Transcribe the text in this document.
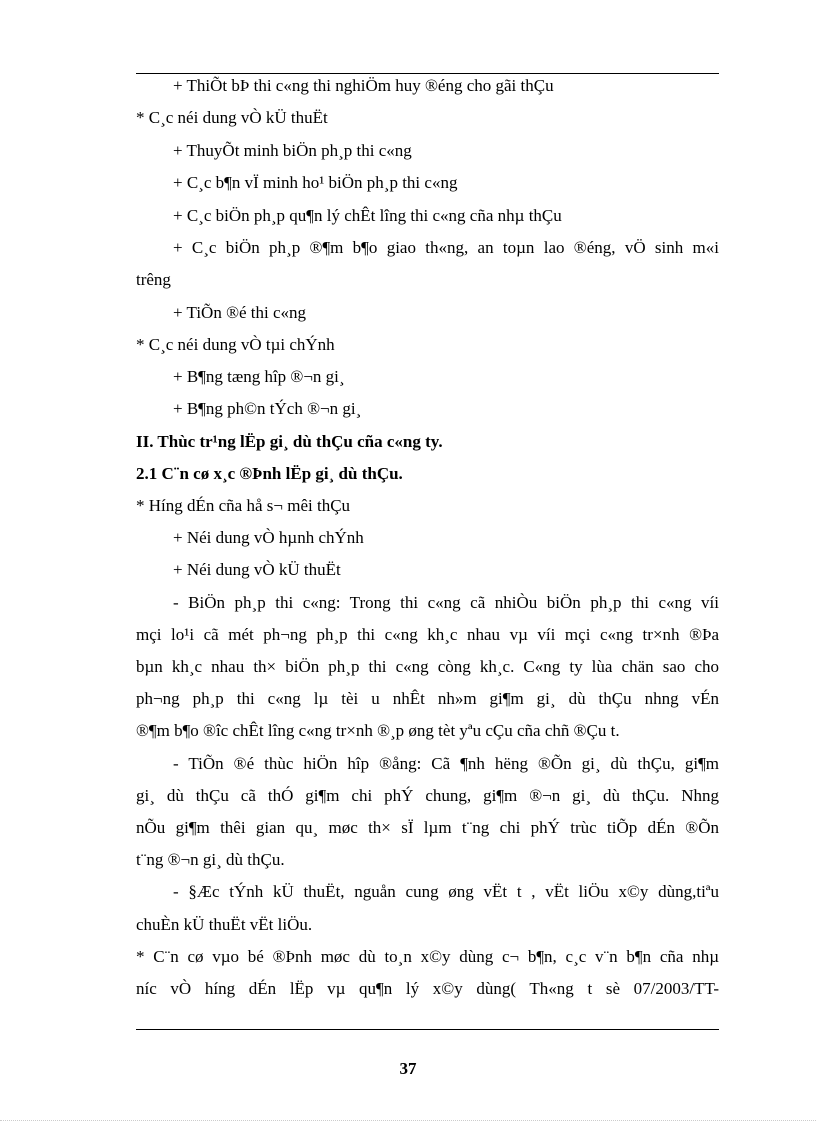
+ ThiÕt bÞ thi c«ng thi nghiÖm huy ®éng cho gãi thÇu
* C¸c néi dung vÒ kÜ thuËt
+ ThuyÕt minh biÖn ph¸p thi c«ng
+ C¸c b¶n vÏ minh ho¹ biÖn ph¸p thi c«ng
+ C¸c biÖn ph¸p qu¶n lý chÊt lîng thi c«ng cña nhµ thÇu
+ C¸c biÖn ph¸p ®¶m b¶o giao th«ng, an toµn lao ®éng, vÖ sinh m«i
trêng
+ TiÕn ®é thi c«ng
* C¸c néi dung vÒ tµi chÝnh
+ B¶ng tæng hîp ®¬n gi¸
+ B¶ng ph©n tÝch ®¬n gi¸
II. Thùc tr¹ng lËp gi¸ dù thÇu cña c«ng ty.
2.1 C¨n cø x¸c ®Þnh lËp gi¸ dù thÇu.
* Híng dÉn cña hå s¬ mêi thÇu
+ Néi dung vÒ hµnh chÝnh
+ Néi dung vÒ kÜ thuËt
- BiÖn ph¸p thi c«ng: Trong thi c«ng cã nhiÒu biÖn ph¸p thi c«ng víi
mçi lo¹i cã mét ph¬ng ph¸p thi c«ng kh¸c nhau vµ víi mçi c«ng tr×nh ®Þa
bµn kh¸c nhau th× biÖn ph¸p thi c«ng còng kh¸c. C«ng ty lùa chän sao cho
ph¬ng ph¸p thi c«ng lµ tèi u nhÊt nh»m gi¶m gi¸ dù thÇu nhng vÉn
®¶m b¶o ®îc chÊt lîng c«ng tr×nh ®¸p øng tèt yªu cÇu cña chñ ®Çu t.
- TiÕn ®é thùc hiÖn hîp ®ång: Cã ¶nh hëng ®Õn gi¸ dù thÇu, gi¶m
gi¸ dù thÇu cã thÓ gi¶m chi phÝ chung, gi¶m ®¬n gi¸ dù thÇu. Nhng
nÕu gi¶m thêi gian qu¸ møc th× sÏ lµm t¨ng chi phÝ trùc tiÕp dÉn ®Õn
t¨ng ®¬n gi¸ dù thÇu.
- §Æc tÝnh kÜ thuËt, nguån cung øng vËt t , vËt liÖu x©y dùng,tiªu
chuÈn kÜ thuËt vËt liÖu.
* C¨n cø vµo bé ®Þnh møc dù to¸n x©y dùng c¬ b¶n, c¸c v¨n b¶n cña nhµ
níc vÒ híng dÉn lËp vµ qu¶n lý x©y dùng( Th«ng t sè 07/2003/TT-
37
